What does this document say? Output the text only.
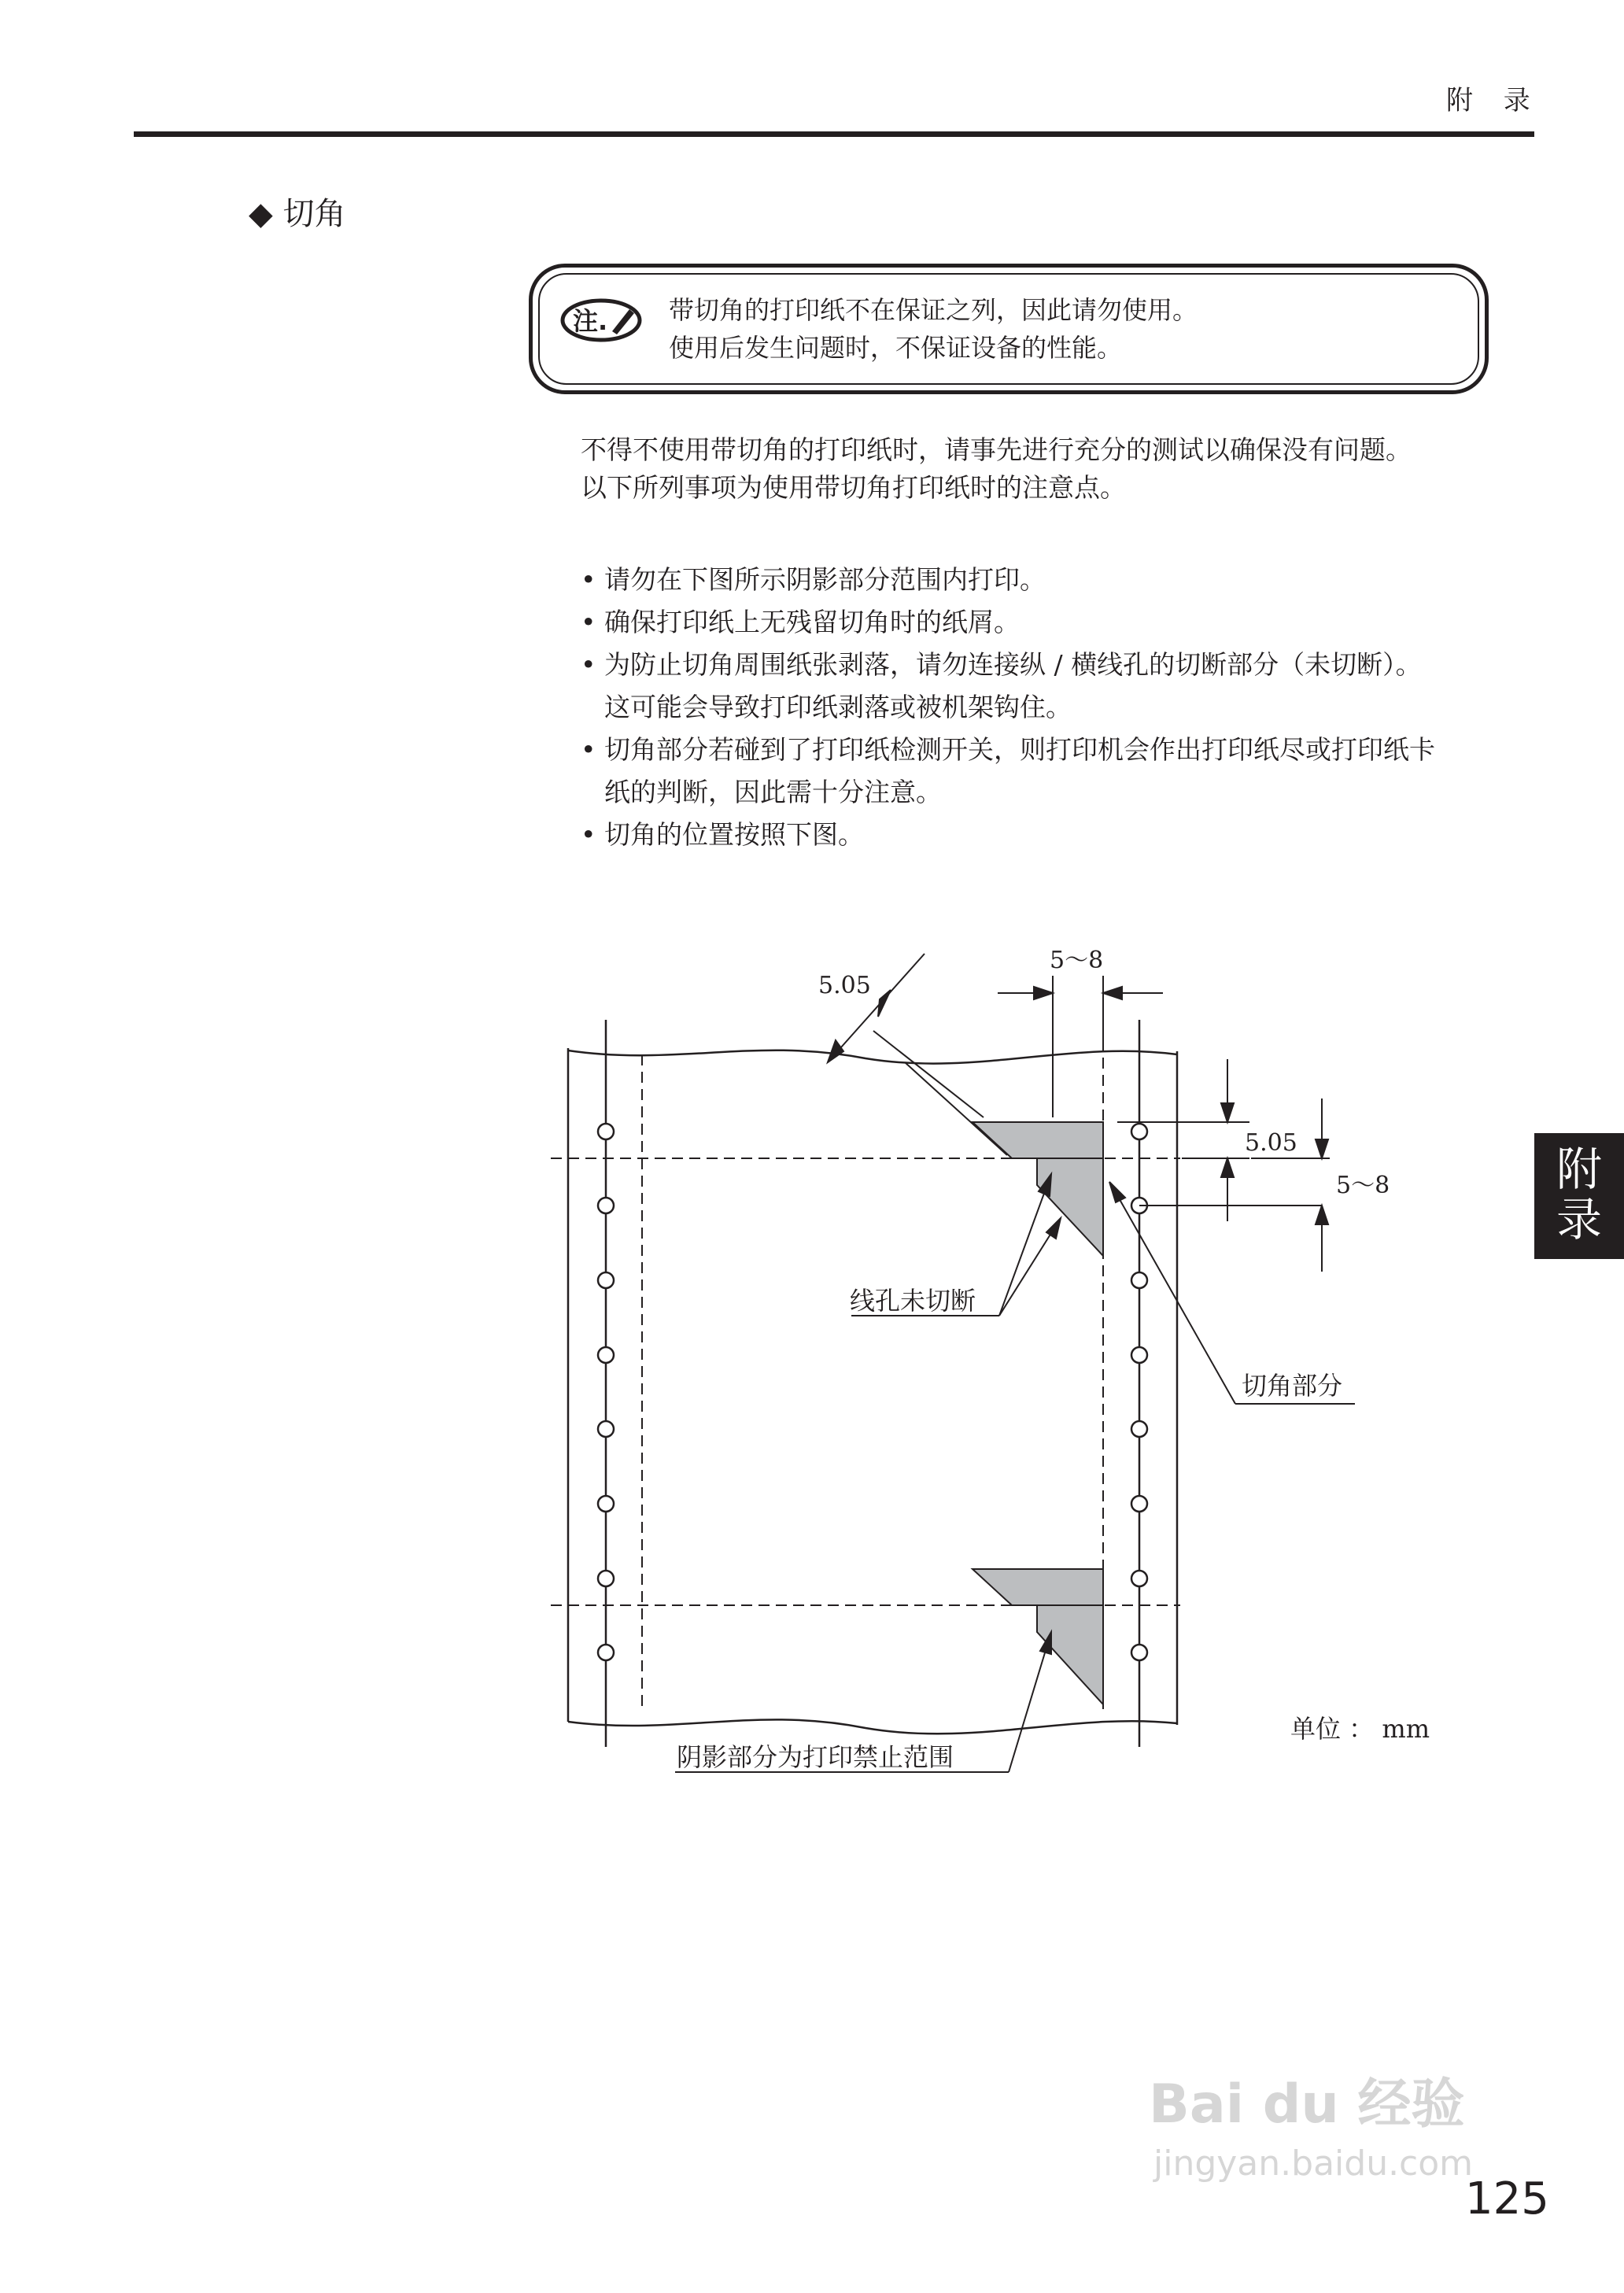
附 录
◆ 切角
注. 带切角的打印纸不在保证之列，因此请勿使用。
使用后发生问题时，不保证设备的性能。
不得不使用带切角的打印纸时，请事先进行充分的测试以确保没有问题。
以下所列事项为使用带切角打印纸时的注意点。
• 请勿在下图所示阴影部分范围内打印。
• 确保打印纸上无残留切角时的纸屑。
• 为防止切角周围纸张剥落，请勿连接纵 / 横线孔的切断部分（未切断）。
这可能会导致打印纸剥落或被机架钩住。
• 切角部分若碰到了打印纸检测开关，则打印机会作出打印纸尽或打印纸卡
纸的判断，因此需十分注意。
• 切角的位置按照下图。
5.05
5～8
5.05
5～8
线孔未切断
切角部分
阴影部分为打印禁止范围
单位 ： mm
附
录
Bai du 经验
jingyan.baidu.com
125
